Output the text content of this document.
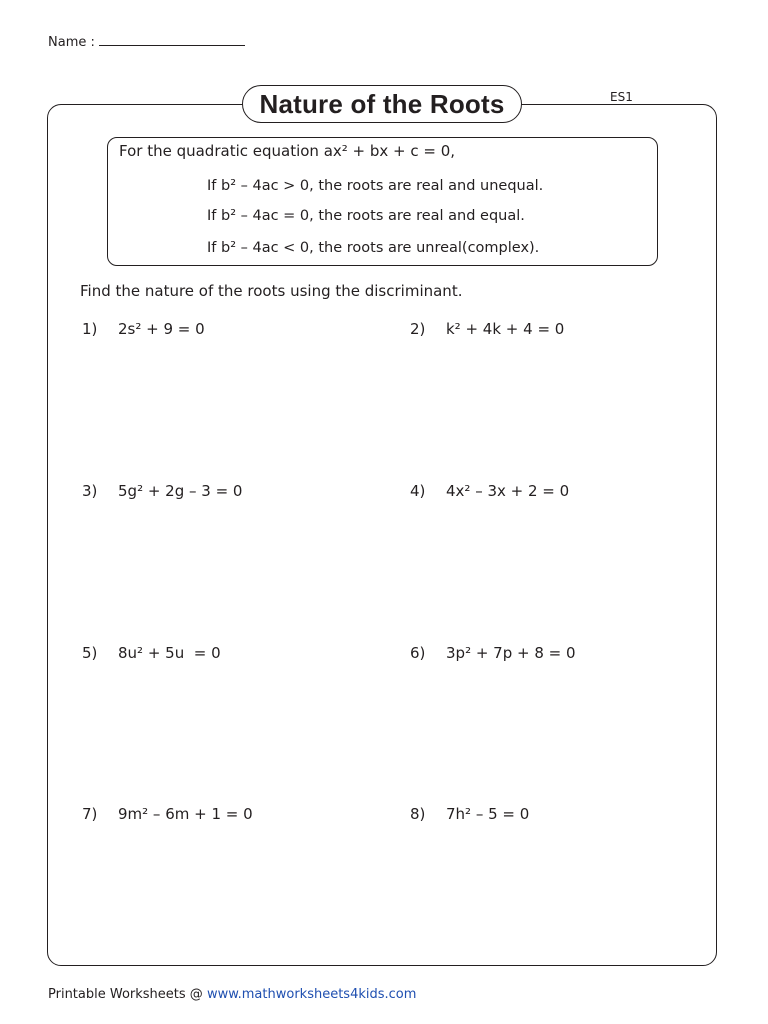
Name :
ES1
Nature of the Roots
For the quadratic equation ax² + bx + c = 0,
If b² – 4ac > 0, the roots are real and unequal.
If b² – 4ac = 0, the roots are real and equal.
If b² – 4ac < 0, the roots are unreal(complex).
Find the nature of the roots using the discriminant.
1) 2s² + 9 = 0	2) k² + 4k + 4 = 0
3) 5g² + 2g – 3 = 0	4) 4x² – 3x + 2 = 0
5) 8u² + 5u  = 0	6) 3p² + 7p + 8 = 0
7) 9m² – 6m + 1 = 0	8) 7h² – 5 = 0
Printable Worksheets @ www.mathworksheets4kids.com
